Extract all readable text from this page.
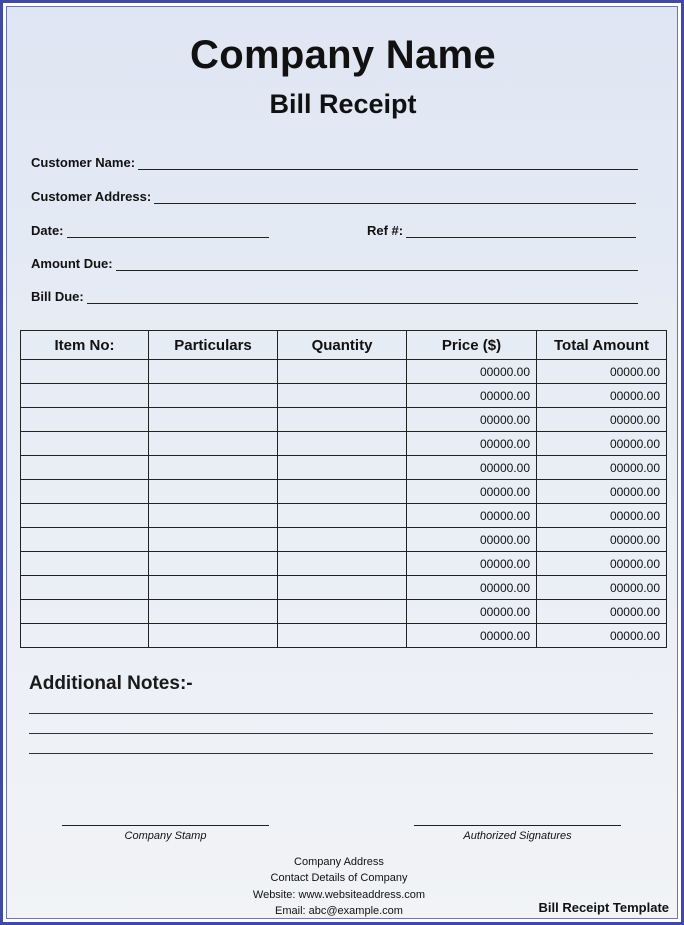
Company Name
Bill Receipt
Customer Name:
Customer Address:
Date:	Ref #:
Amount Due:
Bill Due:
Item No:	Particulars	Quantity	Price ($)	Total Amount
			00000.00	00000.00
			00000.00	00000.00
			00000.00	00000.00
			00000.00	00000.00
			00000.00	00000.00
			00000.00	00000.00
			00000.00	00000.00
			00000.00	00000.00
			00000.00	00000.00
			00000.00	00000.00
			00000.00	00000.00
			00000.00	00000.00
Additional Notes:-
Company Stamp	Authorized Signatures
Company Address
Contact Details of Company
Website: www.websiteaddress.com
Email: abc@example.com	Bill Receipt Template
